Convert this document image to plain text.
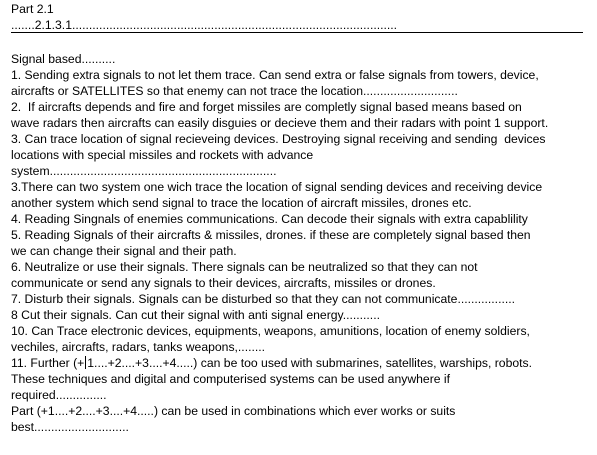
Part 2.1
.......2.1.3.1................................................................................................
Signal based..........
1. Sending extra signals to not let them trace. Can send extra or false signals from towers, device,
aircrafts or SATELLITES so that enemy can not trace the location............................
2.  If aircrafts depends and fire and forget missiles are completly signal based means based on
wave radars then aircrafts can easily disguies or decieve them and their radars with point 1 support.
3. Can trace location of signal recieveing devices. Destroying signal receiving and sending  devices
locations with special missiles and rockets with advance
system...................................................................
3.There can two system one wich trace the location of signal sending devices and receiving device
another system which send signal to trace the location of aircraft missiles, drones etc.
4. Reading Singnals of enemies communications. Can decode their signals with extra capablility
5. Reading Signals of their aircrafts & missiles, drones. if these are completely signal based then
we can change their signal and their path.
6. Neutralize or use their signals. There signals can be neutralized so that they can not
communicate or send any signals to their devices, aircrafts, missiles or drones.
7. Disturb their signals. Signals can be disturbed so that they can not communicate.................
8 Cut their signals. Can cut their signal with anti signal energy...........
10. Can Trace electronic devices, equipments, weapons, amunitions, location of enemy soldiers,
vechiles, aircrafts, radars, tanks weapons,........
11. Further (+ 1....+2....+3....+4.....) can be too used with submarines, satellites, warships, robots.
These techniques and digital and computerised systems can be used anywhere if
required...............
Part (+1....+2....+3....+4.....) can be used in combinations which ever works or suits
best............................
